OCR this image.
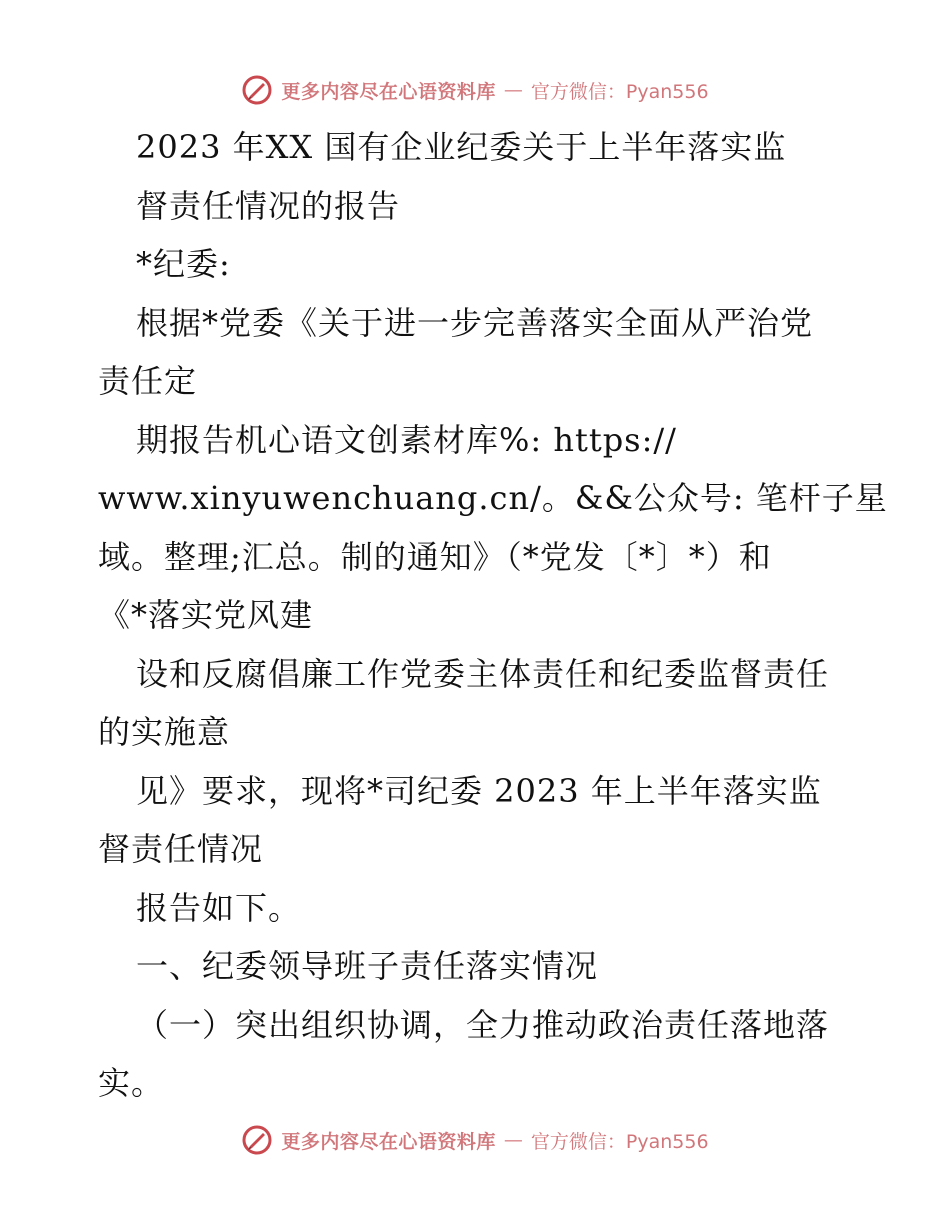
更多内容尽在心语资料库 — 官方微信：Pyan556
2023 年XX 国有企业纪委关于上半年落实监
督责任情况的报告
*纪委:
根据*党委《关于进一步完善落实全面从严治党
责任定
期报告机心语文创素材库%: https://
www.xinyuwenchuang.cn/。&&公众号: 笔杆子星
域。整理;汇总。制的通知》（*党发〔*〕*）和
《*落实党风建
设和反腐倡廉工作党委主体责任和纪委监督责任
的实施意
见》要求，现将*司纪委 2023 年上半年落实监
督责任情况
报告如下。
一、纪委领导班子责任落实情况
（一）突出组织协调，全力推动政治责任落地落
实。
更多内容尽在心语资料库 — 官方微信：Pyan556
